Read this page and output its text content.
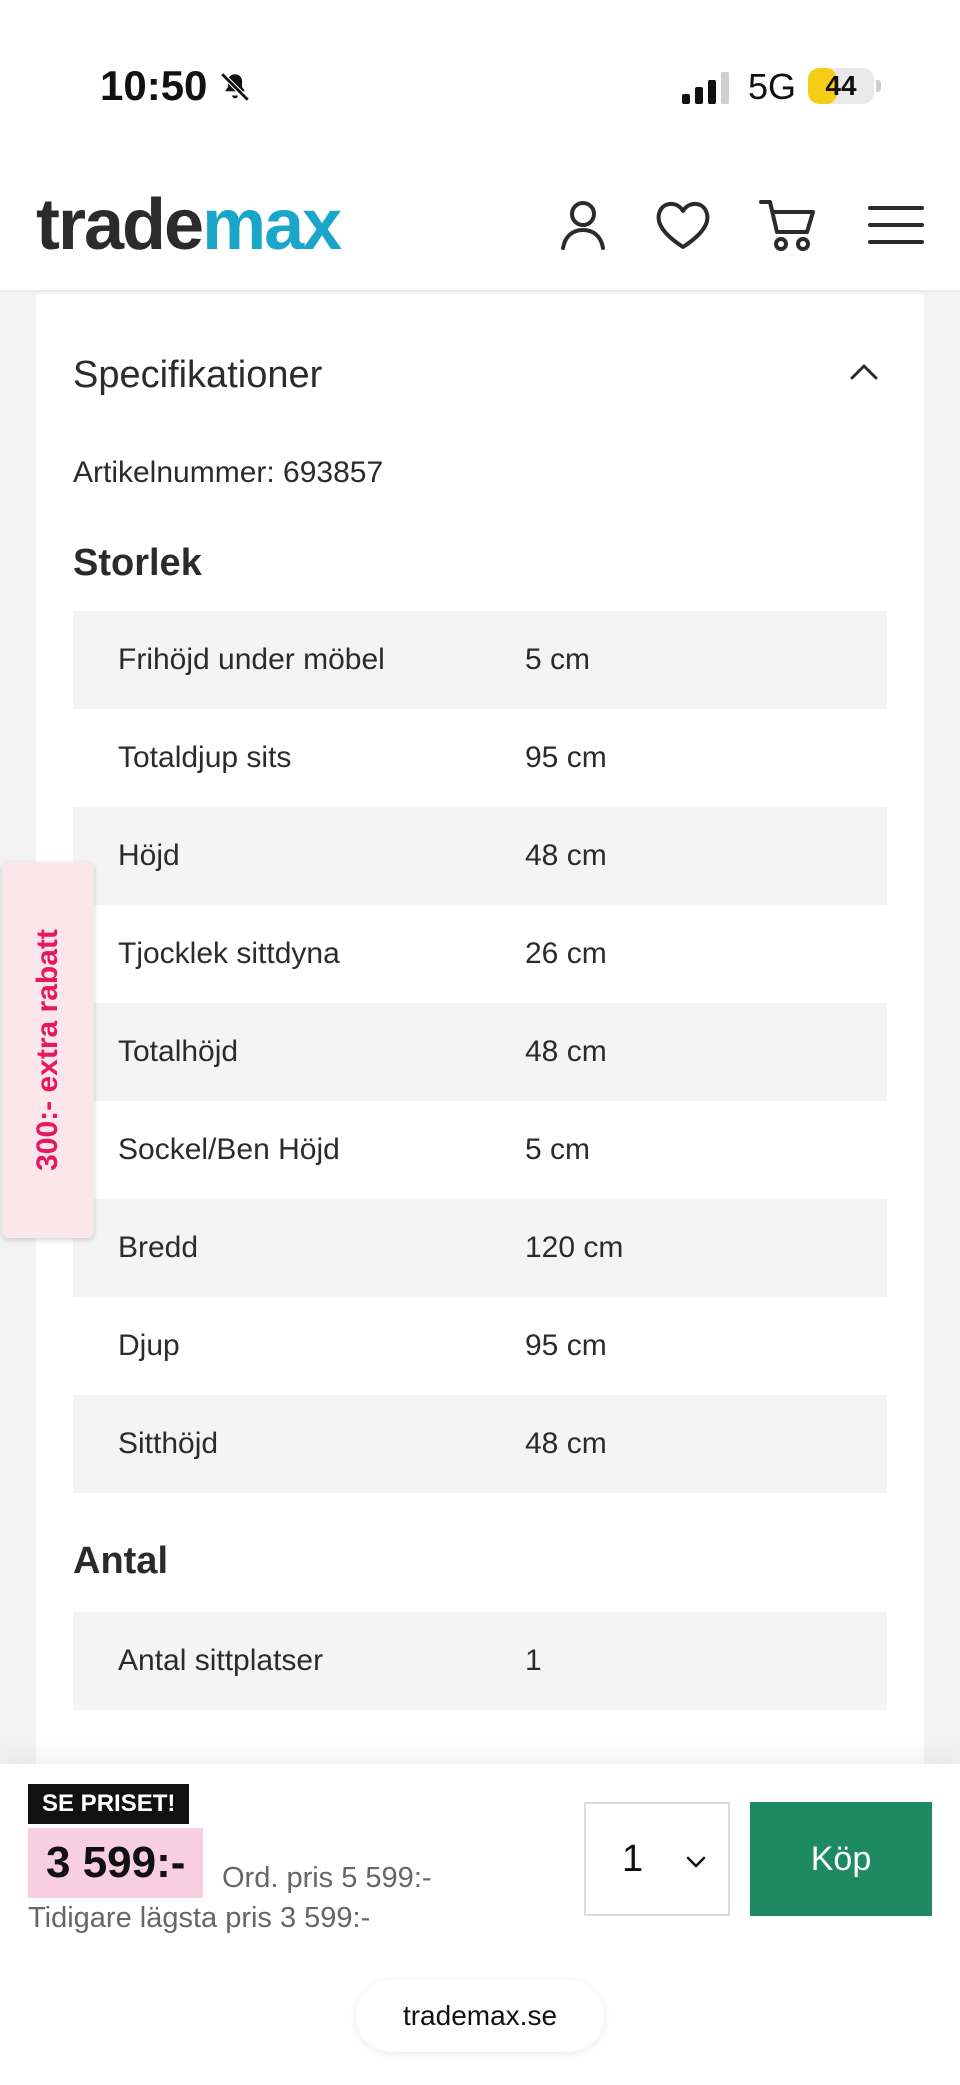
10:50	5G	44
trademax
Specifikationer
Artikelnummer: 693857
Storlek
Frihöjd under möbel	5 cm
Totaldjup sits	95 cm
Höjd	48 cm
Tjocklek sittdyna	26 cm
Totalhöjd	48 cm
Sockel/Ben Höjd	5 cm
Bredd	120 cm
Djup	95 cm
Sitthöjd	48 cm
Antal
Antal sittplatser	1
300:- extra rabatt
SE PRISET!
3 599:-	Ord. pris 5 599:-
Tidigare lägsta pris 3 599:-
1	Köp
trademax.se
